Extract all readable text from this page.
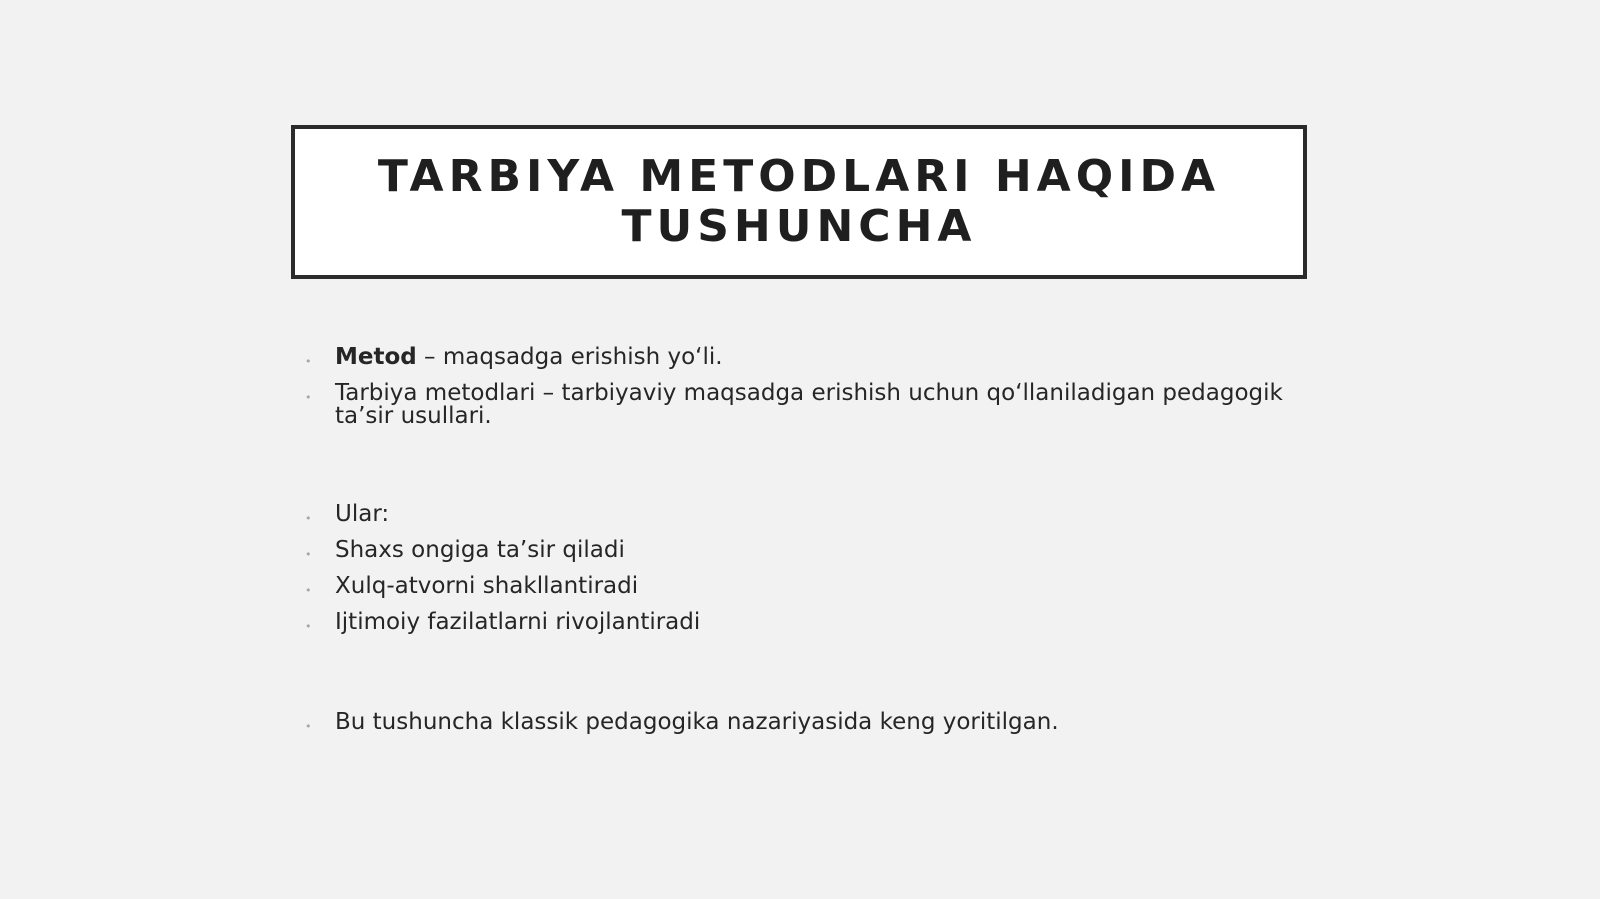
TARBIYA METODLARI HAQIDA TUSHUNCHA
• Metod – maqsadga erishish yo‘li.
• Tarbiya metodlari – tarbiyaviy maqsadga erishish uchun qo‘llaniladigan pedagogik ta’sir usullari.
• Ular:
• Shaxs ongiga ta’sir qiladi
• Xulq-atvorni shakllantiradi
• Ijtimoiy fazilatlarni rivojlantiradi
• Bu tushuncha klassik pedagogika nazariyasida keng yoritilgan.
